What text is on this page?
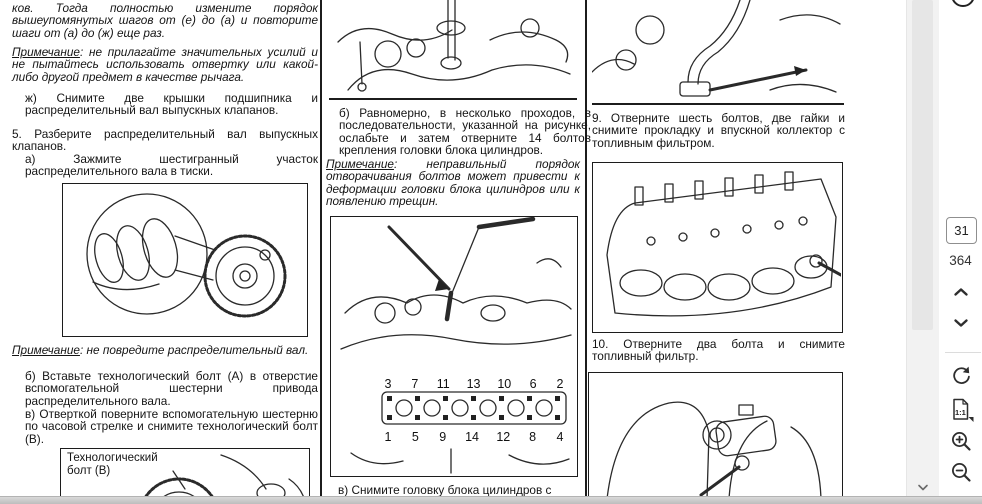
ков. Тогда полностью измените порядок вышеупомянутых шагов от (е) до (а) и повторите шаги от (а) до (ж) еще раз.
Примечание: не прилагайте значительных усилий и не пытайтесь использовать отвертку или какой-либо другой предмет в качестве рычага.
ж) Снимите две крышки подшипника и распределительный вал выпускных клапанов.
5. Разберите распределительный вал выпускных клапанов.
а) Зажмите шестигранный участок распределительного вала в тиски.
Примечание: не повредите распределительный вал.
б) Вставьте технологический болт (А) в отверстие вспомогательной шестерни привода распределительного вала.
в) Отверткой поверните вспомогательную шестерню по часовой стрелке и снимите технологический болт (В).
Технологический болт (В)
б) Равномерно, в несколько проходов, в последовательности, указанной на рисунке, ослабьте и затем отверните 14 болтов крепления головки блока цилиндров.
Примечание: неправильный порядок отворачивания болтов может привести к деформации головки блока цилиндров или к появлению трещин.
3 7 11 13 10 6 2
1 5 9 14 12 8 4
в) Снимите головку блока цилиндров с
9. Отверните шесть болтов, две гайки и снимите прокладку и впускной коллектор с топливным фильтром.
10. Отверните два болта и снимите топливный фильтр.
31
364
1:1
